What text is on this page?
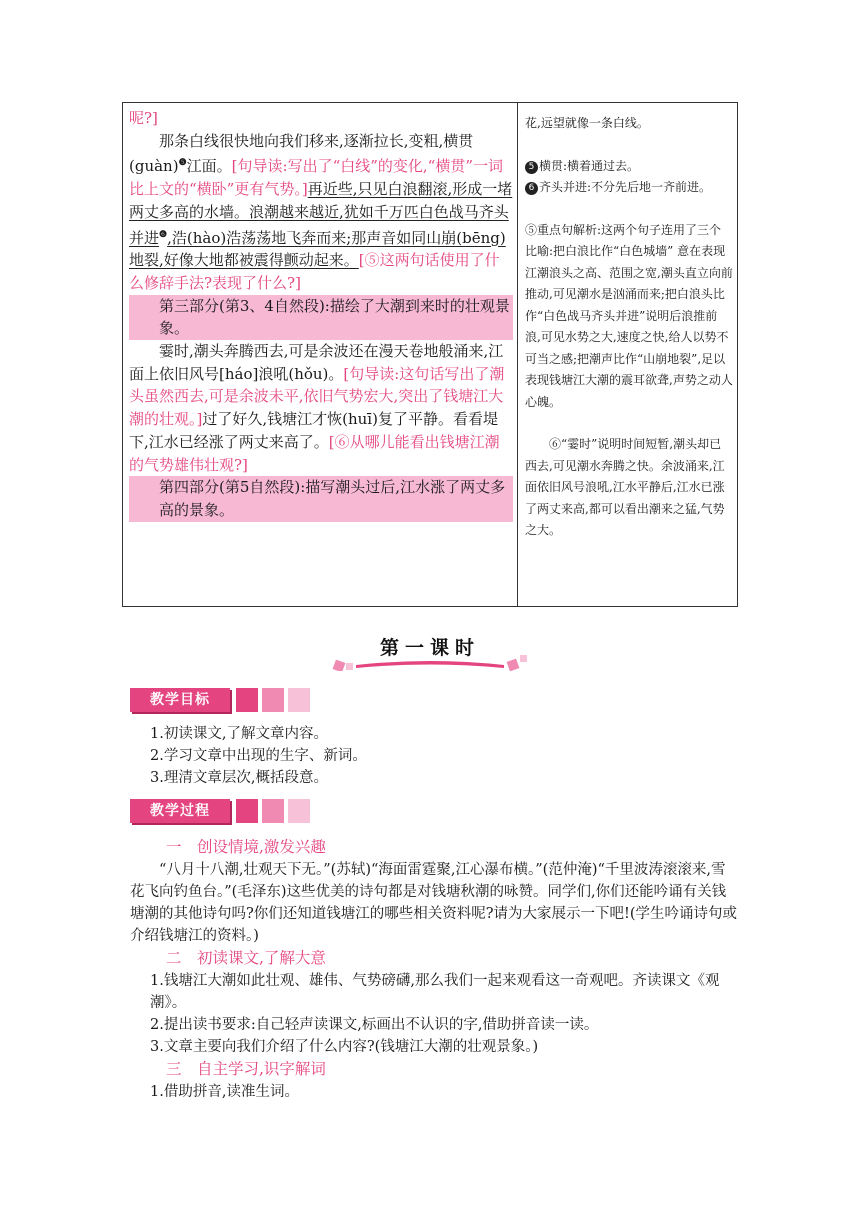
呢?]

那条白线很快地向我们移来,逐渐拉长,变粗,横贯
(guàn)$^❺$江面。[句导读:写出了“白线”的变化,“横贯”一词比上文的“横卧”更有气势。]再近些,只见白浪翻滚,形成一堵两丈多高的水墙。浪潮越来越近,犹如千万匹白色战马齐头并进$^❻$,浩(hào)浩荡荡地飞奔而来;那声音如同山崩(bēng)地裂,好像大地都被震得颤动起来。[⑤这两句话使用了什么修辞手法?表现了什么?]

第三部分(第3、4自然段):描绘了大潮到来时的壮观景象。

霎时,潮头奔腾西去,可是余波还在漫天卷地般涌来,江面上依旧风号[háo]浪吼(hǒu)。[句导读:这句话写出了潮头虽然西去,可是余波未平,依旧气势宏大,突出了钱塘江大潮的壮观。]过了好久,钱塘江才恢(huī)复了平静。看看堤下,江水已经涨了两丈来高了。[⑥从哪儿能看出钱塘江潮的气势雄伟壮观?]

第四部分(第5自然段):描写潮头过后,江水涨了两丈多高的景象。

花,远望就像一条白线。

5 横贯:横着通过去。

6 齐头并进:不分先后地一齐前进。

⑤重点句解析:这两个句子连用了三个比喻:把白浪比作“白色城墙” 意在表现江潮浪头之高、范围之宽,潮头直立向前推动,可见潮水是汹涌而来;把白浪头比作“白色战马齐头并进”说明后浪推前浪,可见水势之大,速度之快,给人以势不可当之感;把潮声比作“山崩地裂”,足以表现钱塘江大潮的震耳欲聋,声势之动人心魄。

⑥“霎时”说明时间短暂,潮头却已西去,可见潮水奔腾之快。余波涌来,江面依旧风号浪吼,江水平静后,江水已涨了两丈来高,都可以看出潮来之猛,气势之大。

第一课时
教学目标

1.初读课文,了解文章内容。

2.学习文章中出现的生字、新词。

3.理清文章层次,概括段意。

教学过程

一　创设情境,激发兴趣

“八月十八潮,壮观天下无。”(苏轼)“海面雷霆聚,江心瀑布横。”(范仲淹)“千里波涛滚滚来,雪花飞向钓鱼台。”(毛泽东)这些优美的诗句都是对钱塘秋潮的咏赞。同学们,你们还能吟诵有关钱塘潮的其他诗句吗?你们还知道钱塘江的哪些相关资料呢?请为大家展示一下吧!(学生吟诵诗句或介绍钱塘江的资料。)

二　初读课文,了解大意

1.钱塘江大潮如此壮观、雄伟、气势磅礴,那么我们一起来观看这一奇观吧。齐读课文《观潮》。

2.提出读书要求:自己轻声读课文,标画出不认识的字,借助拼音读一读。

3.文章主要向我们介绍了什么内容?(钱塘江大潮的壮观景象。)

三　自主学习,识字解词

1.借助拼音,读准生词。
